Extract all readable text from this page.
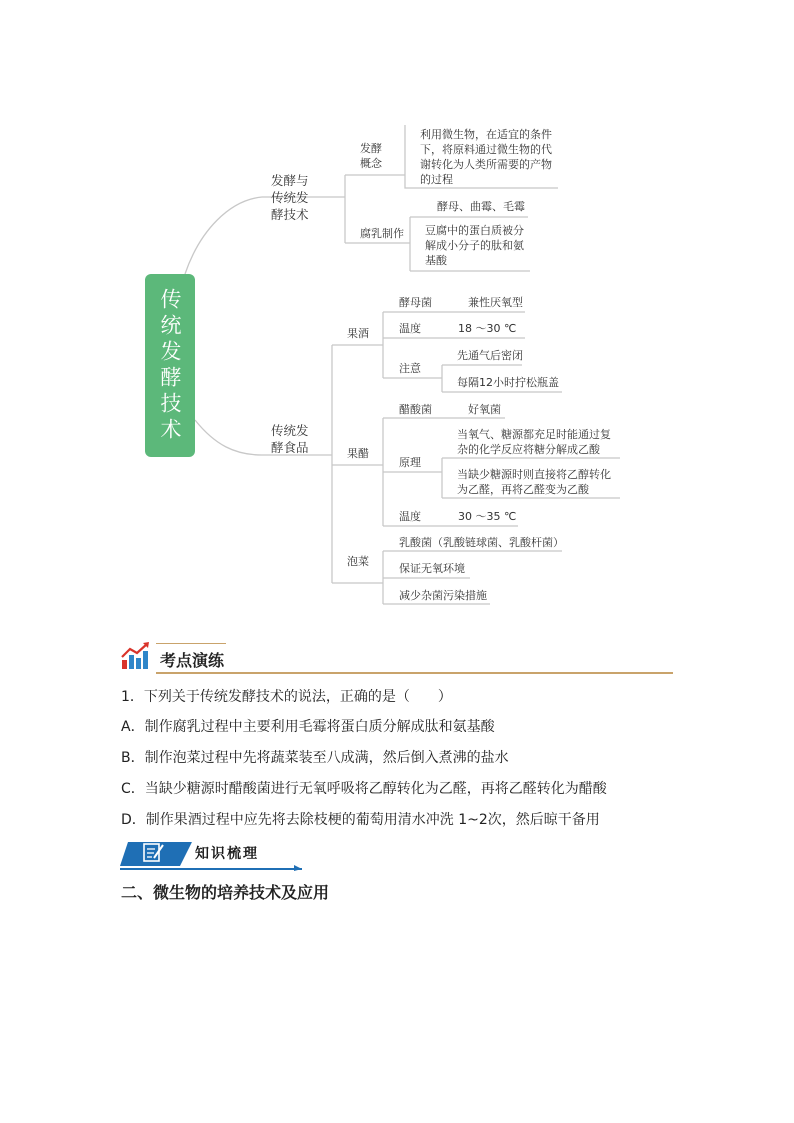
传统发酵技术
发酵与传统发酵技术
发酵概念
利用微生物，在适宜的条件下，将原料通过微生物的代谢转化为人类所需要的产物的过程
腐乳制作
酵母、曲霉、毛霉
豆腐中的蛋白质被分解成小分子的肽和氨基酸
传统发酵食品
果酒
酵母菌	兼性厌氧型
温度	18 ～30 ℃
注意
先通气后密闭
每隔12小时拧松瓶盖
果醋
醋酸菌	好氧菌
原理
当氧气、糖源都充足时能通过复杂的化学反应将糖分解成乙酸
当缺少糖源时则直接将乙醇转化为乙醛，再将乙醛变为乙酸
温度	30 ～35 ℃
泡菜
乳酸菌（乳酸链球菌、乳酸杆菌）
保证无氧环境
减少杂菌污染措施
考点演练
1．下列关于传统发酵技术的说法，正确的是（　　）
A．制作腐乳过程中主要利用毛霉将蛋白质分解成肽和氨基酸
B．制作泡菜过程中先将蔬菜装至八成满，然后倒入煮沸的盐水
C．当缺少糖源时醋酸菌进行无氧呼吸将乙醇转化为乙醛，再将乙醛转化为醋酸
D．制作果酒过程中应先将去除枝梗的葡萄用清水冲洗 1~2次，然后晾干备用
知识梳理
二、微生物的培养技术及应用
